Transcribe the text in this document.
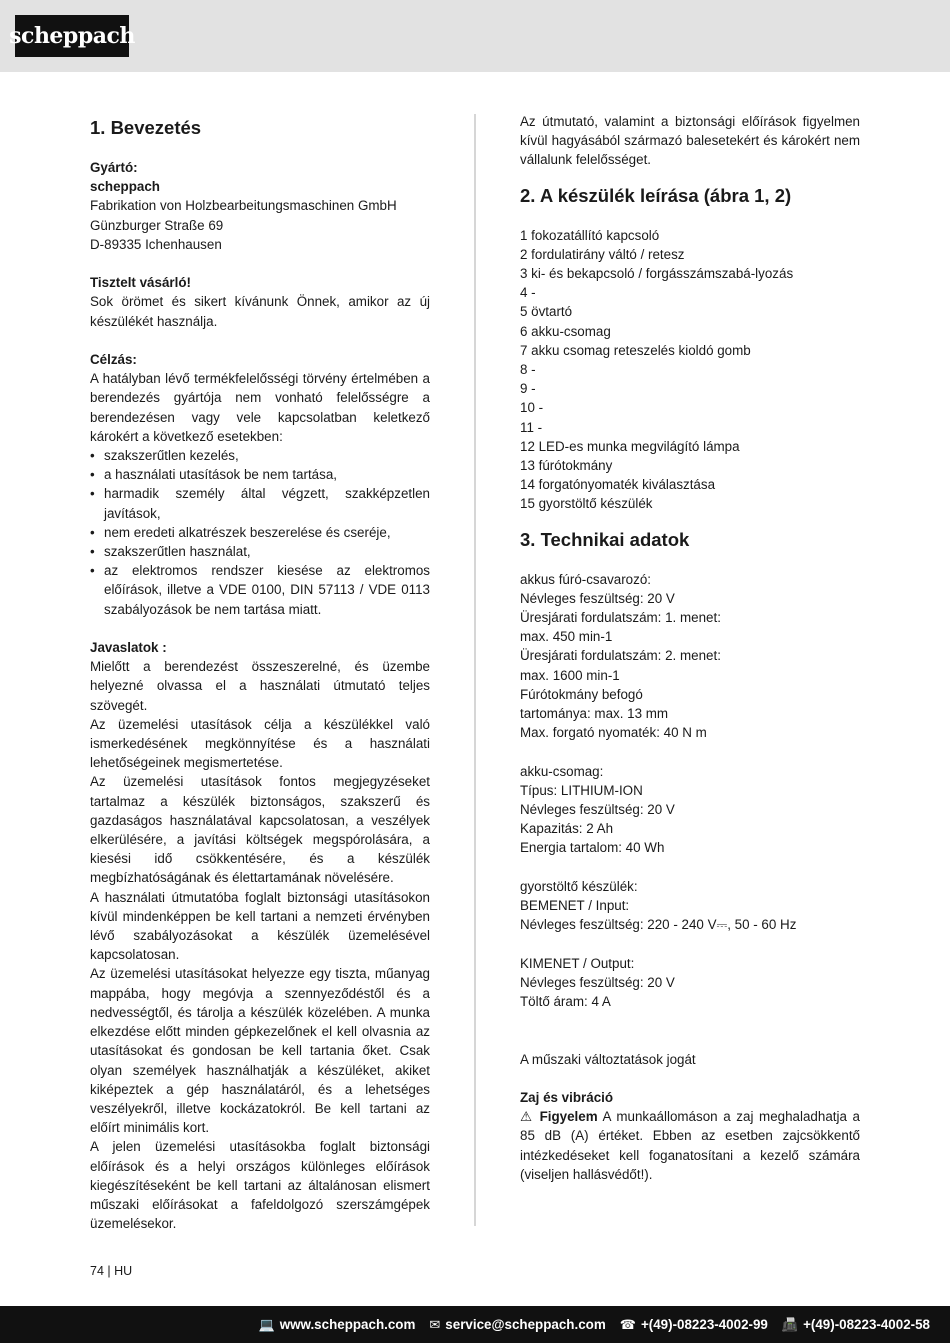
scheppach
1. Bevezetés
Gyártó:
scheppach
Fabrikation von Holzbearbeitungsmaschinen GmbH
Günzburger Straße 69
D-89335 Ichenhausen
Tisztelt vásárló!
Sok örömet és sikert kívánunk Önnek, amikor az új készülékét használja.
Célzás:
A hatályban lévő termékfelelősségi törvény értelmében a berendezés gyártója nem vonható felelősségre a berendezésen vagy vele kapcsolatban keletkező károkért a következő esetekben:
• szakszerűtlen kezelés,
• a használati utasítások be nem tartása,
• harmadik személy által végzett, szakképzetlen javítások,
• nem eredeti alkatrészek beszerelése és cseréje,
• szakszerűtlen használat,
• az elektromos rendszer kiesése az elektromos előírások, illetve a VDE 0100, DIN 57113 / VDE 0113 szabályozások be nem tartása miatt.
Javaslatok :
Mielőtt a berendezést összeszerelné, és üzembe helyezné olvassa el a használati útmutató teljes szövegét.
Az üzemelési utasítások célja a készülékkel való ismerkedésének megkönnyítése és a használati lehetőségeinek megismertetése.
Az üzemelési utasítások fontos megjegyzéseket tartalmaz a készülék biztonságos, szakszerű és gazdaságos használatával kapcsolatosan, a veszélyek elkerülésére, a javítási költségek megspórolására, a kiesési idő csökkentésére, és a készülék megbízhatóságának és élettartamának növelésére.
A használati útmutatóba foglalt biztonsági utasításokon kívül mindenképpen be kell tartani a nemzeti érvényben lévő szabályozásokat a készülék üzemelésével kapcsolatosan.
Az üzemelési utasításokat helyezze egy tiszta, műanyag mappába, hogy megóvja a szennyeződéstől és a nedvességtől, és tárolja a készülék közelében. A munka elkezdése előtt minden gépkezelőnek el kell olvasnia az utasításokat és gondosan be kell tartania őket. Csak olyan személyek használhatják a készüléket, akiket kiképeztek a gép használatáról, és a lehetséges veszélyekről, illetve kockázatokról. Be kell tartani az előírt minimális kort.
A jelen üzemelési utasításokba foglalt biztonsági előírások és a helyi országos különleges előírások kiegészítéseként be kell tartani az általánosan elismert műszaki előírásokat a fafeldolgozó szerszámgépek üzemelésekor.
Az útmutató, valamint a biztonsági előírások figyelmen kívül hagyásából származó balesetekért és károkért nem vállalunk felelősséget.
2. A készülék leírása (ábra 1, 2)
1 fokozatállító kapcsoló
2 fordulatirány váltó / retesz
3 ki- és bekapcsoló / forgásszámszabá-lyozás
4 -
5 övtartó
6 akku-csomag
7 akku csomag reteszelés kioldó gomb
8 -
9 -
10 -
11 -
12 LED-es munka megvilágító lámpa
13 fúrótokmány
14 forgatónyomaték kiválasztása
15 gyorstöltő készülék
3. Technikai adatok
akkus fúró-csavarozó:
Névleges feszültség: 20 V
Üresjárati fordulatszám: 1. menet:
max. 450 min-1
Üresjárati fordulatszám: 2. menet:
max. 1600 min-1
Fúrótokmány befogó
tartománya: max. 13 mm
Max. forgató nyomaték: 40 N m
akku-csomag:
Típus: LITHIUM-ION
Névleges feszültség: 20 V
Kapazitás: 2 Ah
Energia tartalom: 40 Wh
gyorstöltő készülék:
BEMENET / Input:
Névleges feszültség: 220 - 240 V⎓, 50 - 60 Hz
KIMENET / Output:
Névleges feszültség: 20 V
Töltő áram: 4 A
A műszaki változtatások jogát
Zaj és vibráció
⚠ Figyelem A munkaállomáson a zaj meghaladhatja a 85 dB (A) értéket. Ebben az esetben zajcsökkentő intézkedéseket kell foganatosítani a kezelő számára (viseljen hallásvédőt!).
74 | HU
💻 www.scheppach.com ✉ service@scheppach.com ☎ +(49)-08223-4002-99 📠 +(49)-08223-4002-58
